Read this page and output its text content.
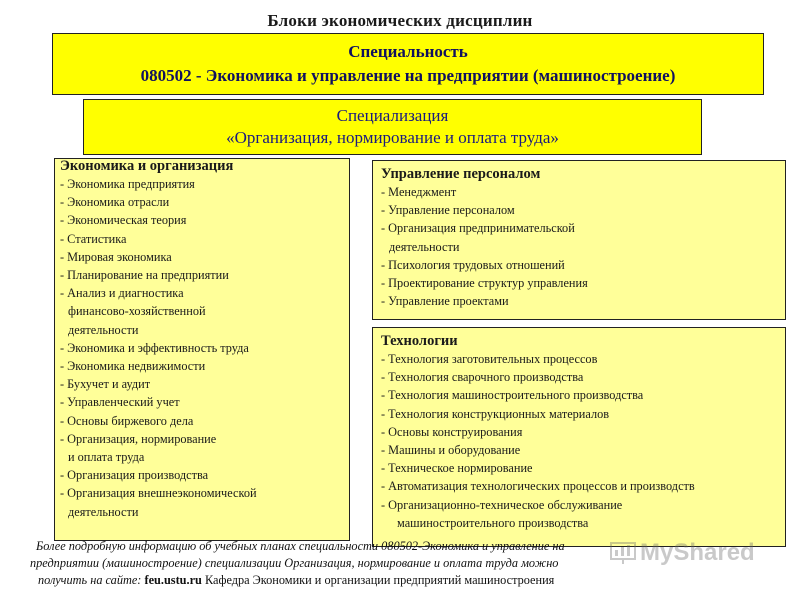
Блоки экономических дисциплин
Специальность
080502 - Экономика и управление на предприятии (машиностроение)
Специализация
«Организация, нормирование и оплата труда»
Экономика и организация
- Экономика предприятия
- Экономика отрасли
- Экономическая теория
- Статистика
- Мировая экономика
- Планирование на предприятии
- Анализ и диагностика
финансово-хозяйственной
деятельности
- Экономика и эффективность труда
- Экономика недвижимости
- Бухучет и аудит
- Управленческий учет
- Основы биржевого дела
- Организация, нормирование
и оплата труда
- Организация производства
- Организация внешнеэкономической
деятельности
Управление персоналом
- Менеджмент
- Управление персоналом
- Организация предпринимательской
деятельности
- Психология трудовых отношений
- Проектирование структур управления
- Управление проектами
Технологии
- Технология заготовительных процессов
- Технология сварочного производства
- Технология машиностроительного производства
- Технология конструкционных материалов
- Основы конструирования
- Машины и оборудование
- Техническое нормирование
- Автоматизация технологических процессов и производств
- Организационно-техническое обслуживание
машиностроительного производства
Более подробную информацию об учебных планах специальности 080502-Экономика и управление на
предприятии (машиностроение) специализации Организация, нормирование и оплата труда можно
получить на сайте: feu.ustu.ru Кафедра Экономики и организации предприятий машиностроения
MyShared
